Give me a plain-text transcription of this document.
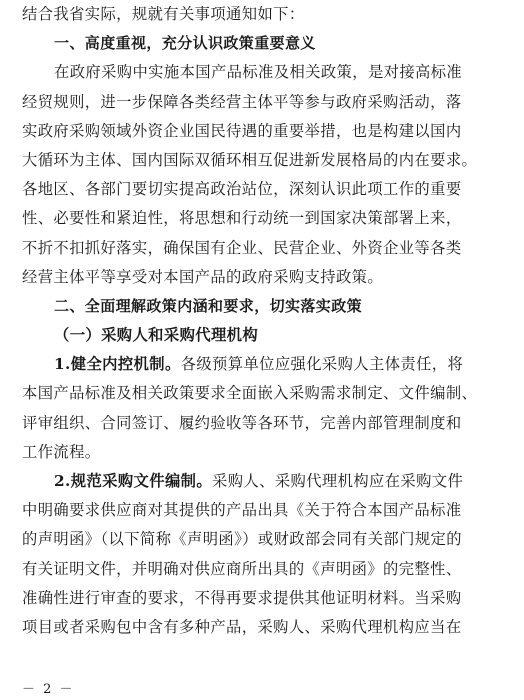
结合我省实际，规就有关事项通知如下：
一、高度重视，充分认识政策重要意义
在政府采购中实施本国产品标准及相关政策，是对接高标准
经贸规则，进一步保障各类经营主体平等参与政府采购活动，落
实政府采购领域外资企业国民待遇的重要举措，也是构建以国内
大循环为主体、国内国际双循环相互促进新发展格局的内在要求。
各地区、各部门要切实提高政治站位，深刻认识此项工作的重要
性、必要性和紧迫性，将思想和行动统一到国家决策部署上来，
不折不扣抓好落实，确保国有企业、民营企业、外资企业等各类
经营主体平等享受对本国产品的政府采购支持政策。
二、全面理解政策内涵和要求，切实落实政策
（一）采购人和采购代理机构
1.健全内控机制。各级预算单位应强化采购人主体责任，将
本国产品标准及相关政策要求全面嵌入采购需求制定、文件编制、
评审组织、合同签订、履约验收等各环节，完善内部管理制度和
工作流程。
2.规范采购文件编制。采购人、采购代理机构应在采购文件
中明确要求供应商对其提供的产品出具《关于符合本国产品标准
的声明函》（以下简称《声明函》）或财政部会同有关部门规定的
有关证明文件，并明确对供应商所出具的《声明函》的完整性、
准确性进行审查的要求，不得再要求提供其他证明材料。当采购
项目或者采购包中含有多种产品，采购人、采购代理机构应当在
－ 2 －
